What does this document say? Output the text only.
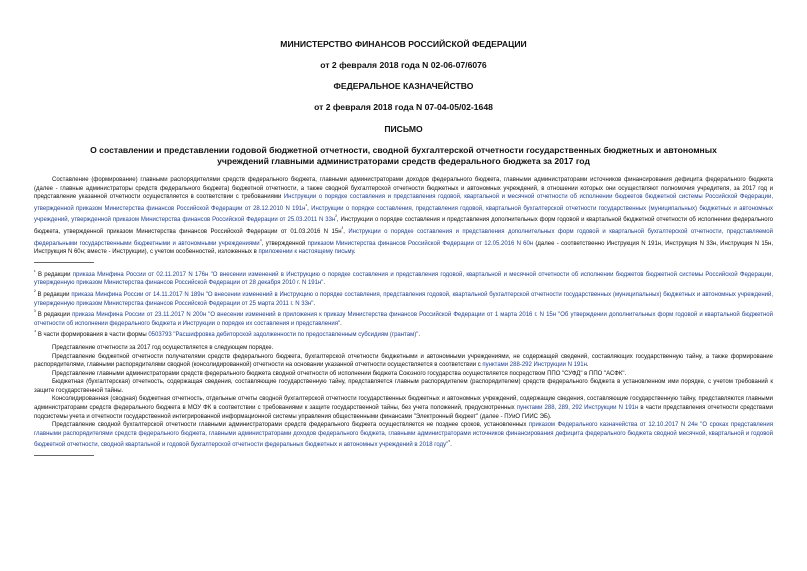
МИНИСТЕРСТВО ФИНАНСОВ РОССИЙСКОЙ ФЕДЕРАЦИИ
от 2 февраля 2018 года N 02-06-07/6076
ФЕДЕРАЛЬНОЕ КАЗНАЧЕЙСТВО
от 2 февраля 2018 года N 07-04-05/02-1648
ПИСЬМО
О составлении и представлении годовой бюджетной отчетности, сводной бухгалтерской отчетности государственных бюджетных и автономных учреждений главными администраторами средств федерального бюджета за 2017 год

Составление (формирование) главными распорядителями средств федерального бюджета, главными администраторами доходов федерального бюджета, главными администраторами источников финансирования дефицита федерального бюджета (далее - главные администраторы средств федерального бюджета) бюджетной отчетности, а также сводной бухгалтерской отчетности бюджетных и автономных учреждений, в отношении которых они осуществляют полномочия учредителя, за 2017 год и представление указанной отчетности осуществляется в соответствии с требованиями Инструкции о порядке составления и представления годовой, квартальной и месячной отчетности об исполнении бюджетов бюджетной системы Российской Федерации, утвержденной приказом Министерства финансов Российской Федерации от 28.12.2010 N $191н^{^1}$, Инструкции о порядке составления, представления годовой, квартальной бухгалтерской отчетности государственных (муниципальных) бюджетных и автономных учреждений, утвержденной приказом Министерства финансов Российской Федерации от 25.03.2011 N $33н^{^2}$, Инструкции о порядке составления и представления дополнительных форм годовой и квартальной бюджетной отчетности об исполнении федерального бюджета, утвержденной приказом Министерства финансов Российской Федерации от 01.03.2016 N $15н^{^3}$, Инструкции о порядке составления и представления дополнительных форм годовой и квартальной бухгалтерской отчетности, представляемой федеральными государственными бюджетными и автономными учреждениями$^{^4}$, утвержденной приказом Министерства финансов Российской Федерации от 12.05.2016 N 60н (далее - соответственно Инструкция N 191н, Инструкция N 33н, Инструкция N 15н, Инструкция N 60н; вместе - Инструкции), с учетом особенностей, изложенных в приложении к настоящему письму.

$^{^1}$ В редакции приказа Минфина России от 02.11.2017 N 176н "О внесении изменений в Инструкцию о порядке составления и представления годовой, квартальной и месячной отчетности об исполнении бюджетов бюджетной системы Российской Федерации, утвержденную приказом Министерства финансов Российской Федерации от 28 декабря 2010 г. N 191н".

$^{^2}$ В редакции приказа Минфина России от 14.11.2017 N 189н "О внесении изменений в Инструкцию о порядке составления, представления годовой, квартальной бухгалтерской отчетности государственных (муниципальных) бюджетных и автономных учреждений, утвержденную приказом Министерства финансов Российской Федерации от 25 марта 2011 г. N 33н".

$^{^3}$ В редакции приказа Минфина России от 23.11.2017 N 200н "О внесении изменений в приложения к приказу Министерства финансов Российской Федерации от 1 марта 2016 г. N 15н "Об утверждении дополнительных форм годовой и квартальной бюджетной отчетности об исполнении федерального бюджета и Инструкции о порядке их составления и представления".

$^{^4}$ В части формирования в части формы 0503793 "Расшифровка дебиторской задолженности по предоставленным субсидиям (грантам)".

Представление отчетности за 2017 год осуществляется в следующем порядке.

Представление бюджетной отчетности получателями средств федерального бюджета, бухгалтерской отчетности бюджетными и автономными учреждениями, не содержащей сведений, составляющих государственную тайну, а также формирование распорядителями, главными распорядителями сводной (консолидированной) отчетности на основании указанной отчетности осуществляется в соответствии с пунктами 288-292 Инструкции N 191н.

Представление главными администраторами средств федерального бюджета сводной отчетности об исполнении бюджета Союзного государства осуществляется посредством ППО "СУФД" в ППО "АСФК".

Бюджетная (бухгалтерская) отчетность, содержащая сведения, составляющие государственную тайну, представляется главным распорядителем (распорядителем) средств федерального бюджета в установленном ими порядке, с учетом требований к защите государственной тайны.

Консолидированная (сводная) бюджетная отчетность, отдельные отчеты сводной бухгалтерской отчетности государственных бюджетных и автономных учреждений, содержащие сведения, составляющие государственную тайну, представляются главными администраторами средств федерального бюджета в МОУ ФК в соответствии с требованиями к защите государственной тайны, без учета положений, предусмотренных пунктами 288, 289, 292 Инструкции N 191н в части представления отчетности средствами подсистемы учета и отчетности государственной интегрированной информационной системы управления общественными финансами "Электронный бюджет" (далее - ПУиО ГИИС ЭБ).

Представление сводной бухгалтерской отчетности главными администраторами средств федерального бюджета осуществляется не позднее сроков, установленных приказом Федерального казначейства от 12.10.2017 N 24н "О сроках представления главными распорядителями средств федерального бюджета, главными администраторами доходов федерального бюджета, главными администраторами источников финансирования дефицита федерального бюджета сводной месячной, квартальной и годовой бюджетной отчетности, сводной квартальной и годовой бухгалтерской отчетности федеральных бюджетных и автономных учреждений в 2018 году"$^{^5}$.
